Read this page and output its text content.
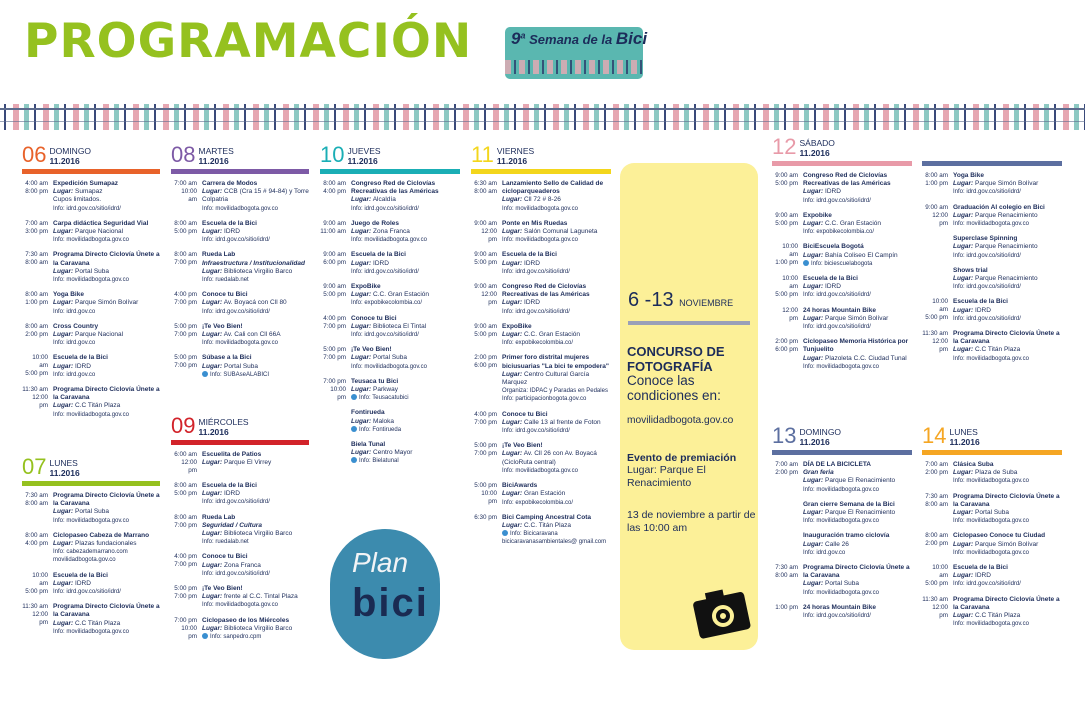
PROGRAMACIÓN 9$^a$ Semana de la Bici
06 DOMINGO
11.2016
4:00 am
8:00 pm
Expedición Sumapaz
Lugar: Sumapaz
Cupos limitados.
Info: idrd.gov.co/sitio/idrd/
7:00 am
3:00 pm
Carpa didáctica Seguridad Vial
Lugar: Parque Nacional
Info: movilidadbogota.gov.co
7:30 am
8:00 am
Programa Directo Ciclovía Únete a la Caravana
Lugar: Portal Suba
Info: movilidadbogota.gov.co
8:00 am
1:00 pm
Yoga Bike
Lugar: Parque Simón Bolívar
Info: idrd.gov.co
8:00 am
2:00 pm
Cross Country
Lugar: Parque Nacional
Info: idrd.gov.co
10:00 am
5:00 pm
Escuela de la Bici
Lugar: IDRD
Info: idrd.gov.co
11:30 am
12:00 pm
Programa Directo Ciclovía Únete a la Caravana
Lugar: C.C Titán Plaza
Info: movilidadbogota.gov.co
07 LUNES
11.2016
7:30 am
8:00 am
Programa Directo Ciclovía Únete a la Caravana
Lugar: Portal Suba
Info: movilidadbogota.gov.co
8:00 am
4:00 pm
Ciclopaseo Cabeza de Marrano
Lugar: Plazas fundacionales
Info: cabezademarrano.com movilidadbogota.gov.co
10:00 am
5:00 pm
Escuela de la Bici
Lugar: IDRD
Info: idrd.gov.co/sitio/idrd/
11:30 am
12:00 pm
Programa Directo Ciclovía Únete a la Caravana
Lugar: C.C Titán Plaza
Info: movilidadbogota.gov.co
08 MARTES
11.2016
7:00 am
10:00 am
Carrera de Modos
Lugar: CCB (Cra 15 # 94-84) y Torre Colpatria
Info: movilidadbogota.gov.co
8:00 am
5:00 pm
Escuela de la Bici
Lugar: IDRD
Info: idrd.gov.co/sitio/idrd/
8:00 am
7:00 pm
Rueda Lab
Infraestructura / Institucionalidad
Lugar: Biblioteca Virgilio Barco
Info: ruedalab.net
4:00 pm
7:00 pm
Conoce tu Bici
Lugar: Av. Boyacá con Cll 80
Info: idrd.gov.co/sitio/idrd/
5:00 pm
7:00 pm
¡Te Veo Bien!
Lugar: Av. Cali con Cll 66A
Info: movilidadbogota.gov.co
5:00 pm
7:00 pm
Súbase a la Bici
Lugar: Portal Suba
Info: SUBAseALABICI
09 MIÉRCOLES
11.2016
6:00 am
12:00 pm
Escuelita de Patios
Lugar: Parque El Virrey
8:00 am
5:00 pm
Escuela de la Bici
Lugar: IDRD
Info: idrd.gov.co/sitio/idrd/
8:00 am
7:00 pm
Rueda Lab
Seguridad / Cultura
Lugar: Biblioteca Virgilio Barco
Info: ruedalab.net
4:00 pm
7:00 pm
Conoce tu Bici
Lugar: Zona Franca
Info: idrd.gov.co/sitio/idrd/
5:00 pm
7:00 pm
¡Te Veo Bien!
Lugar: frente al C.C. Tintal Plaza
Info: movilidadbogota.gov.co
7:00 pm
10:00 pm
Ciclopaseo de los Miércoles
Lugar: Biblioteca Virgilio Barco
Info: sanpedro.cpm
10 JUEVES
11.2016
8:00 am
4:00 pm
Congreso Red de Ciclovías Recreativas de las Américas
Lugar: Alcaldía
Info: idrd.gov.co/sitio/idrd/
9:00 am
11:00 am
Juego de Roles
Lugar: Zona Franca
Info: movilidadbogota.gov.co
9:00 am
6:00 pm
Escuela de la Bici
Lugar: IDRD
Info: idrd.gov.co/sitio/idrd/
9:00 am
5:00 pm
ExpoBike
Lugar: C.C. Gran Estación
Info: expobikecolombia.co/
4:00 pm
7:00 pm
Conoce tu Bici
Lugar: Biblioteca El Tintal
Info: idrd.gov.co/sitio/idrd/
5:00 pm
7:00 pm
¡Te Veo Bien!
Lugar: Portal Suba
Info: movilidadbogota.gov.co
7:00 pm
10:00 pm
Teusaca tu Bici
Lugar: Parkway
Info: Teusacatubici
Fontirueda
Lugar: Maloka
Info: Fontirueda
Biela Tunal
Lugar: Centro Mayor
Info: Bielatunal
11 VIERNES
11.2016
6:30 am
8:00 am
Lanzamiento Sello de Calidad de cicloparqueaderos
Lugar: Cll 72 # 8-26
Info: movilidadbogota.gov.co
9:00 am
12:00 pm
Ponte en Mis Ruedas
Lugar: Salón Comunal Laguneta
Info: movilidadbogota.gov.co
9:00 am
5:00 pm
Escuela de la Bici
Lugar: IDRD
Info: idrd.gov.co/sitio/idrd/
9:00 am
12:00 pm
Congreso Red de Ciclovías Recreativas de las Américas
Lugar: IDRD
Info: idrd.gov.co/sitio/idrd/
9:00 am
5:00 pm
ExpoBike
Lugar: C.C. Gran Estación
Info: expobikecolombia.co/
2:00 pm
6:00 pm
Primer foro distrital mujeres biciusuarias "La bici te empodera"
Lugar: Centro Cultural García Marquez
Organiza: IDPAC y Paradas en Pedales Info: participacionbogota.gov.co
4:00 pm
7:00 pm
Conoce tu Bici
Lugar: Calle 13 al frente de Foton
Info: idrd.gov.co/sitio/idrd/
5:00 pm
7:00 pm
¡Te Veo Bien!
Lugar: Av. Cll 26 con Av. Boyacá (CicloRuta central)
Info: movilidadbogota.gov.co
5:00 pm
10:00 pm
BiciAwards
Lugar: Gran Estación
Info: expobikecolombia.co/
6:30 pm Bici Camping Ancestral Cota
Lugar: C.C. Titán Plaza
Info: Bicicaravana bicicaravanasambientales@ gmail.com
12 SÁBADO
11.2016
9:00 am
5:00 pm
Congreso Red de Ciclovías Recreativas de las Américas
Lugar: IDRD
Info: idrd.gov.co/sitio/idrd/
9:00 am
5:00 pm
Expobike
Lugar: C.C. Gran Estación
Info: expobikecolombia.co/
10:00 am
1:00 pm
BiciEscuela Bogotá
Lugar: Bahía Coliseo El Campín
Info: biciescuelabogota
10:00 am
5:00 pm
Escuela de la Bici
Lugar: IDRD
Info: idrd.gov.co/sitio/idrd/
12:00 pm
24 horas Mountain Bike
Lugar: Parque Simón Bolívar
Info: idrd.gov.co/sitio/idrd/
2:00 pm
6:00 pm
Ciclopaseo Memoria Histórica por Tunjuelito
Lugar: Plazoleta C.C. Ciudad Tunal
Info: movilidadbogota.gov.co
8:00 am
1:00 pm
Yoga Bike
Lugar: Parque Simón Bolívar
Info: idrd.gov.co/sitio/idrd/
9:00 am
12:00 pm
Graduación Al colegio en Bici
Lugar: Parque Renacimiento
Info: movilidadbogota.gov.co
Superclase Spinning
Lugar: Parque Renacimiento
Info: idrd.gov.co/sitio/idrd/
Shows trial
Lugar: Parque Renacimiento
Info: idrd.gov.co/sitio/idrd/
10:00 am
5:00 pm
Escuela de la Bici
Lugar: IDRD
Info: idrd.gov.co/sitio/idrd/
11:30 am
12:00 pm
Programa Directo Ciclovía Únete a la Caravana
Lugar: C.C Titán Plaza
Info: movilidadbogota.gov.co
13 DOMINGO
11.2016
7:00 am
2:00 pm
DÍA DE LA BICICLETA
Gran feria
Lugar: Parque El Renacimiento
Info: movilidadbogota.gov.co
Gran cierre Semana de la Bici
Lugar: Parque El Renacimiento
Info: movilidadbogota.gov.co
Inauguración tramo ciclovía
Lugar: Calle 26
Info: idrd.gov.co
7:30 am
8:00 am
Programa Directo Ciclovía Únete a la Caravana
Lugar: Portal Suba
Info: movilidadbogota.gov.co
1:00 pm 24 horas Mountain Bike
Info: idrd.gov.co/sitio/idrd/
14 LUNES
11.2016
7:00 am
2:00 pm
Clásica Suba
Lugar: Plaza de Suba
Info: movilidadbogota.gov.co
7:30 am
8:00 am
Programa Directo Ciclovía Únete a la Caravana
Lugar: Portal Suba
Info: movilidadbogota.gov.co
8:00 am
2:00 pm
Ciclopaseo Conoce tu Ciudad
Lugar: Parque Simón Bolívar
Info: movilidadbogota.gov.co
10:00 am
5:00 pm
Escuela de la Bici
Lugar: IDRD
Info: idrd.gov.co/sitio/idrd/
11:30 am
12:00 pm
Programa Directo Ciclovía Únete a la Caravana
Lugar: C.C Titán Plaza
Info: movilidadbogota.gov.co
6 -13 NOVIEMBRE
CONCURSO DE FOTOGRAFÍA
Conoce las condiciones en:
movilidadbogota.gov.co
Evento de premiación
Lugar: Parque El Renacimiento
13 de noviembre a partir de las 10:00 am
Plan
bici
